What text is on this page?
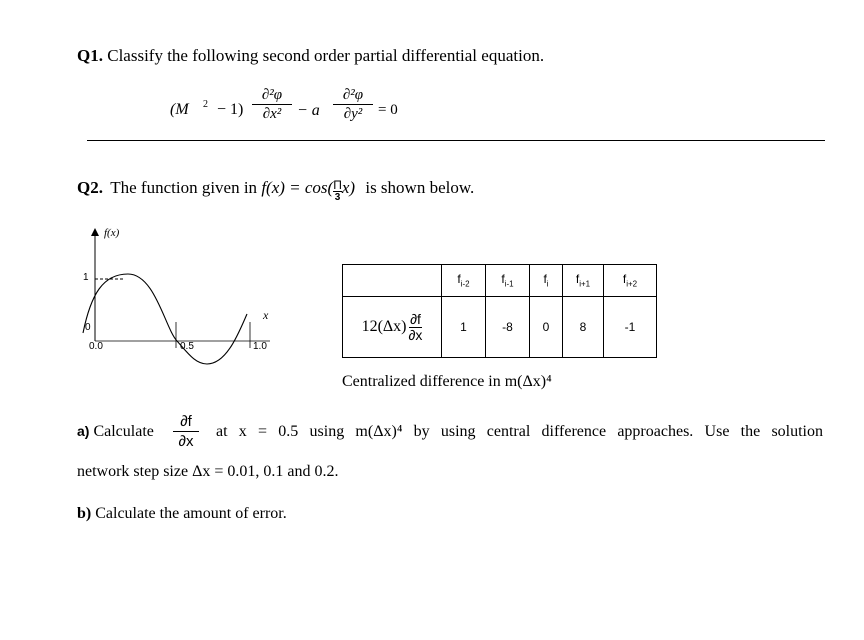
Q1. Classify the following second order partial differential equation.
(M 2 − 1)
∂²φ
∂x² − a
∂²φ
∂y²	= 0
Q2. The function given in f(x) = cos( Π
3
x) is shown below.
f(x)
1
0
x
0.0	0.5	1.0
	$f_{i-2}$	$f_{i-1}$	$f_i$	$f_{i+1}$	$f_{i+2}$
$12(\Delta x) \frac{\partial f}{\partial x}$	1	-8	0	8	-1
Centralized difference in m(Δx)⁴
a) Calculate
∂f
∂x
at x = 0.5 using m(Δx)⁴ by using central difference approaches. Use the solution
network step size Δx = 0.01, 0.1 and 0.2.
b) Calculate the amount of error.
